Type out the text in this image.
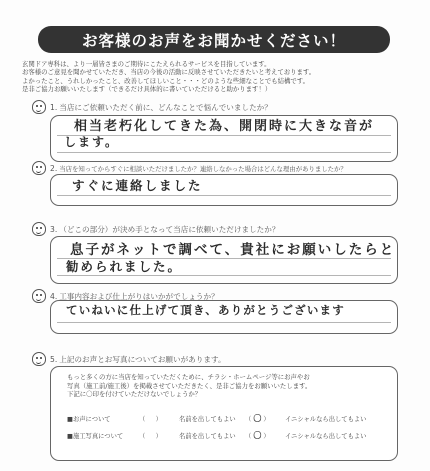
お客様のお声をお聞かせください！

玄関ドア専科は、より一層皆さまのご期待にこたえられるサービスを目指しています。

お客様のご意見を聞かせていただき、当店の今後の活動に反映させていただきたいと考えております。

よかったこと、うれしかったこと、改善してほしいこと・・・どのような些細なことでも結構です。

是非ご協力お願いいたします（できるだけ具体的に書いていただけると助かります！）

1. 当店にご依頼いただく前に、どんなことで悩んでいましたか？
相当老朽化してきた為、開閉時に大きな音が
します。
2. 当店を知ってからすぐに相談いただけましたか？連絡しなかった場合はどんな理由がありましたか？
すぐに連絡しました
3. （どこの部分）が決め手となって当店に依頼いただけましたか？
息子がネットで調べて、貴社にお願いしたらと
勧められました。
4. 工事内容および仕上がりはいかがでしょうか？
ていねいに仕上げて頂き、ありがとうございます
5. 上記のお声とお写真についてお願いがあります。

もっと多くの方に当店を知っていただくために、チラシ・ホームページ等にお声やお

写真（施工前/施工後）を掲載させていただきたく、是非ご協力をお願いいたします。

下記に〇印を付けていただけないでしょうか？

■お声について	（ 　 ）	名前を出してもよい	（ 〇 ）	イニシャルなら出してもよい
■施工写真について	（ 　 ）	名前を出してもよい	（ 〇 ）	イニシャルなら出してもよい
